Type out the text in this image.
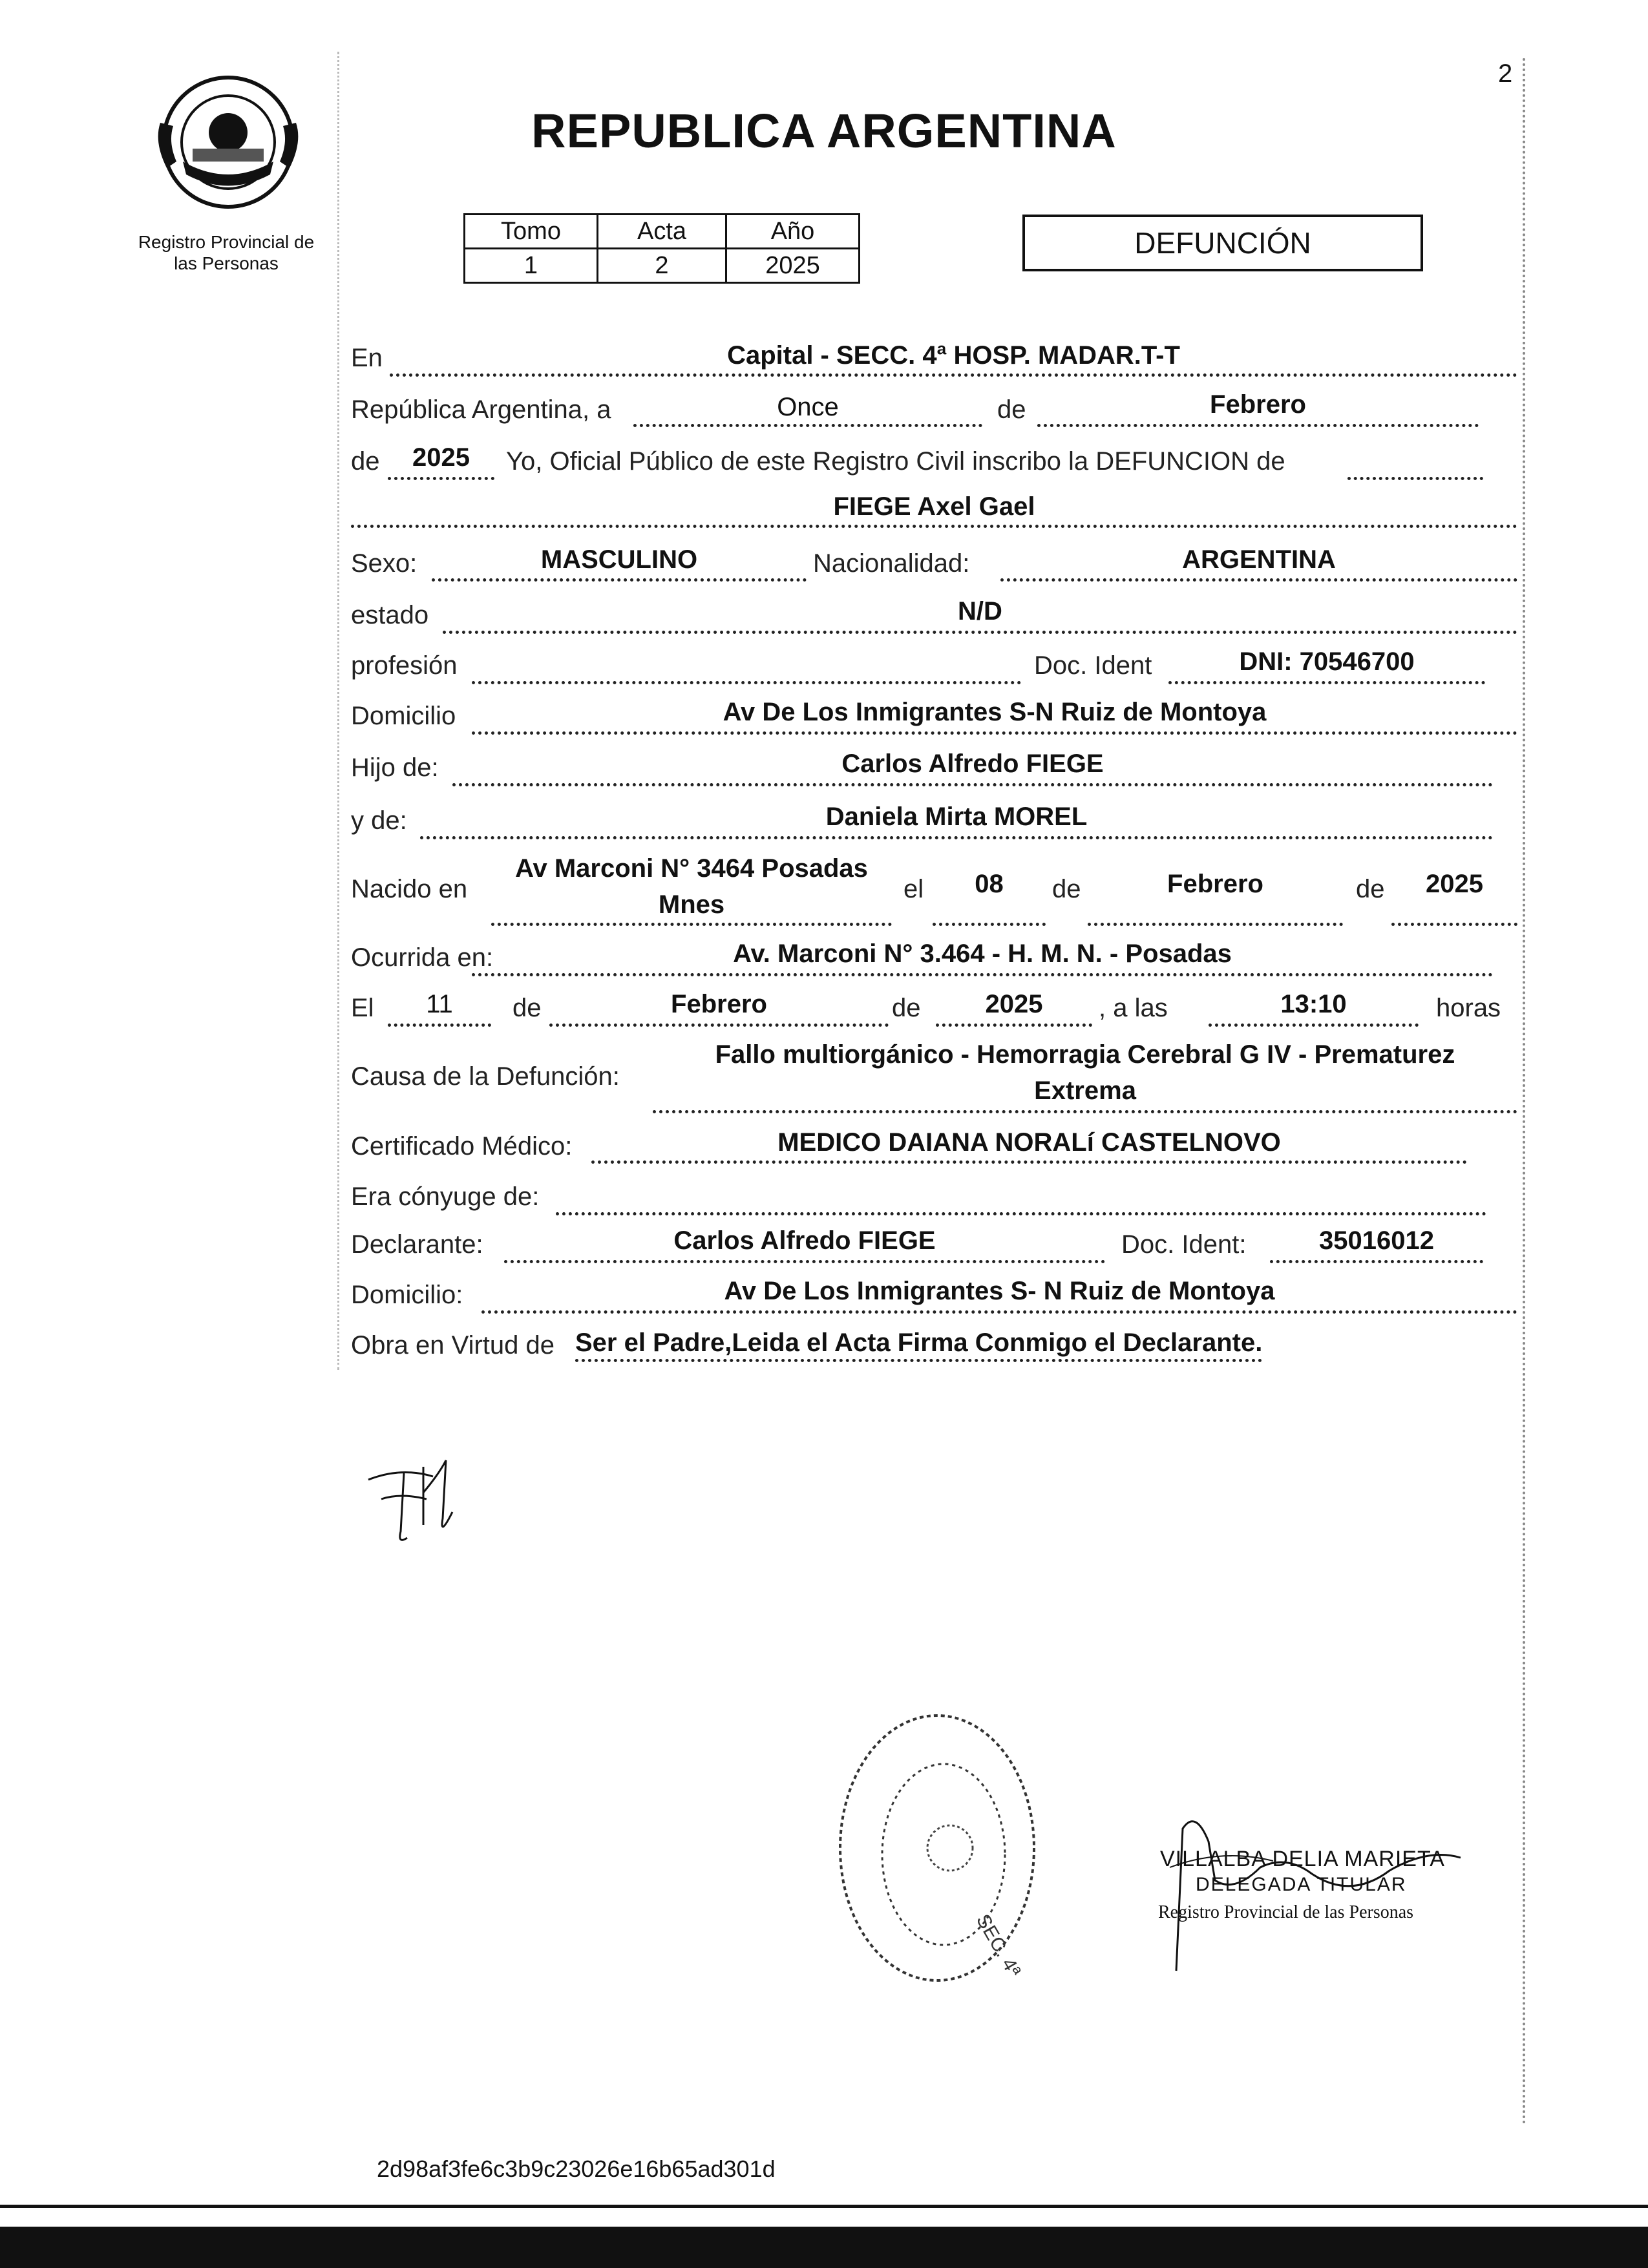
Registro Provincial de
las Personas
REPUBLICA ARGENTINA
2
Tomo	Acta	Año
1	2	2025
DEFUNCIÓN
En	Capital - SECC. 4ª HOSP. MADAR.T-T
República Argentina, a	Once	de	Febrero
de	2025	Yo, Oficial Público de este Registro Civil inscribo la DEFUNCION de
FIEGE Axel Gael
Sexo:	MASCULINO	Nacionalidad:	ARGENTINA
estado	N/D
profesión	Doc. Ident	DNI: 70546700
Domicilio	Av De Los Inmigrantes S-N Ruiz de Montoya
Hijo de:	Carlos Alfredo FIEGE
y de:	Daniela Mirta MOREL
Nacido en
Av Marconi N° 3464 Posadas
Mnes
el	08	de	Febrero	de	2025
Ocurrida en:	Av. Marconi N° 3.464 - H. M. N. - Posadas
El	11	de	Febrero	de	2025	, a las	13:10	horas
Causa de la Defunción:
Fallo multiorgánico - Hemorragia Cerebral G IV - Prematurez
Extrema
Certificado Médico:	MEDICO DAIANA NORALí CASTELNOVO
Era cónyuge de:
Declarante:	Carlos Alfredo FIEGE	Doc. Ident:	35016012
Domicilio:	Av De Los Inmigrantes S- N Ruiz de Montoya
Obra en Virtud de Ser el Padre,Leida el Acta Firma Conmigo el Declarante.
SEC. 4ª
VILLALBA DELIA MARIETA
DELEGADA TITULAR
Registro Provincial de las Personas
2d98af3fe6c3b9c23026e16b65ad301d
